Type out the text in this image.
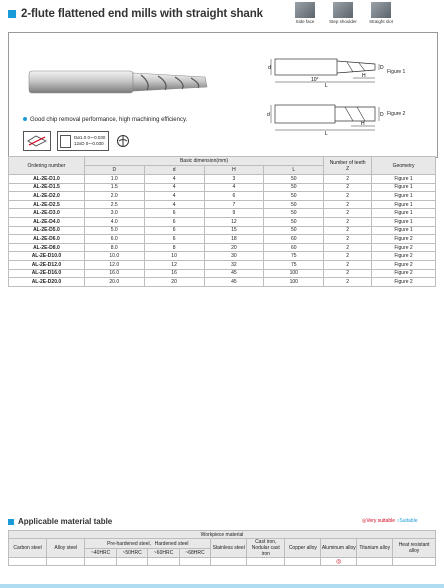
2-flute flattened end mills with straight shank
Side face	Step shoulder	Straight slot
Good chip removal performance, high machining efficiency.
Dø1.0 0~-0.030
12xD 0~-0.030
d	D
10°
H
L
Figure 1
d	D
H
L
Figure 2
Ordering number	Basic dimension(mm)				Number of teeth
Z	Geometry
	D	d	H	L		
AL-2E-D1.0	1.0	4	3	50	2	Figure 1
AL-2E-D1.5	1.5	4	4	50	2	Figure 1
AL-2E-D2.0	2.0	4	6	50	2	Figure 1
AL-2E-D2.5	2.5	4	7	50	2	Figure 1
AL-2E-D3.0	3.0	6	9	50	2	Figure 1
AL-2E-D4.0	4.0	6	12	50	2	Figure 1
AL-2E-D5.0	5.0	6	15	50	2	Figure 1
AL-2E-D6.0	6.0	6	18	60	2	Figure 2
AL-2E-D8.0	8.0	8	20	60	2	Figure 2
AL-2E-D10.0	10.0	10	30	75	2	Figure 2
AL-2E-D12.0	12.0	12	32	75	2	Figure 2
AL-2E-D16.0	16.0	16	45	100	2	Figure 2
AL-2E-D20.0	20.0	20	45	100	2	Figure 2
Applicable material table	◎Very suitable ○Suitable
Workpiece material											
Carbon steel	Alloy steel	Pre-hardened steel、Hardened steel				Stainless steel	Cast iron, Nodular cast iron	Copper alloy	Aluminum alloy	Titanium alloy	Heat resistant alloy
		~40HRC	~50HRC	~60HRC	~68HRC						
									◎		
